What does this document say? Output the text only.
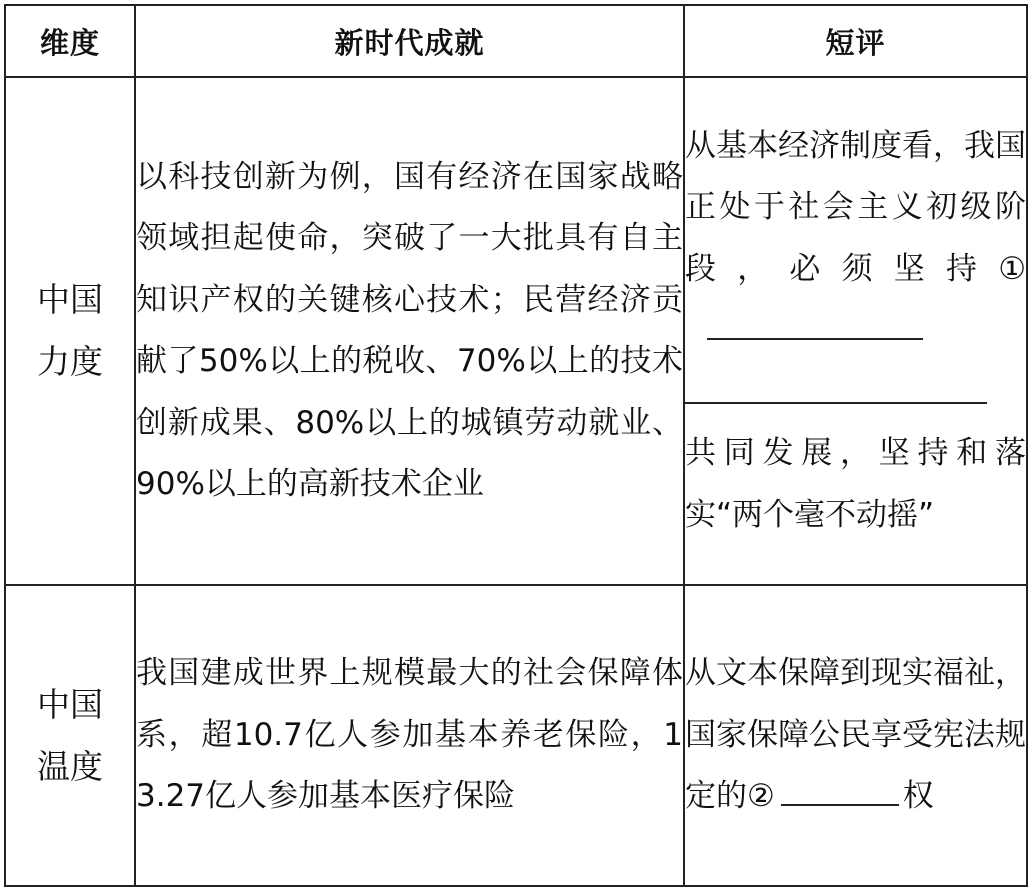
维度	新时代成就	短评

中国
力度	以科技创新为例，国有经济在国家战略领域担起使命，突破了一大批具有自主知识产权的关键核心技术；民营经济贡献了50%以上的税收、70%以上的技术创新成果、80%以上的城镇劳动就业、90%以上的高新技术企业	从基本经济制度看，我国正处于社会主义初级阶段，必须坚持①
共同发展，坚持和落实“两个毫不动摇”

中国
温度	我国建成世界上规模最大的社会保障体系，超10.7亿人参加基本养老保险，13.27亿人参加基本医疗保险	从文本保障到现实福祉，国家保障公民享受宪法规定的② 权
